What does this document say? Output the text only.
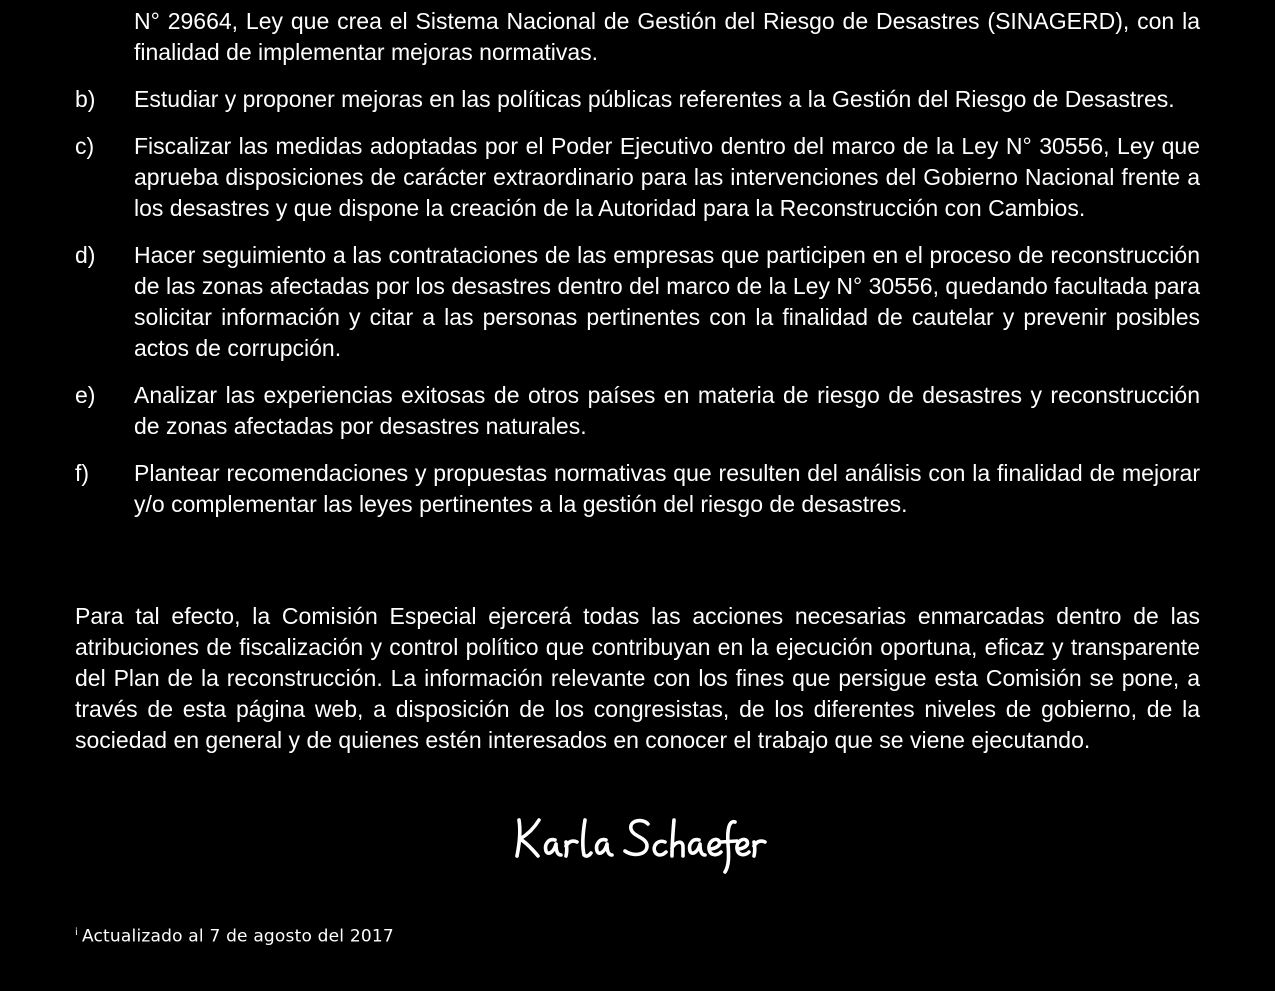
N° 29664, Ley que crea el Sistema Nacional de Gestión del Riesgo de Desastres (SINAGERD), con la finalidad de implementar mejoras normativas.
b)	Estudiar y proponer mejoras en las políticas públicas referentes a la Gestión del Riesgo de Desastres.
c)	Fiscalizar las medidas adoptadas por el Poder Ejecutivo dentro del marco de la Ley N° 30556, Ley que aprueba disposiciones de carácter extraordinario para las intervenciones del Gobierno Nacional frente a los desastres y que dispone la creación de la Autoridad para la Reconstrucción con Cambios.
d)	Hacer seguimiento a las contrataciones de las empresas que participen en el proceso de reconstrucción de las zonas afectadas por los desastres dentro del marco de la Ley N° 30556, quedando facultada para solicitar información y citar a las personas pertinentes con la finalidad de cautelar y prevenir posibles actos de corrupción.
e)	Analizar las experiencias exitosas de otros países en materia de riesgo de desastres y reconstrucción de zonas afectadas por desastres naturales.
f)	Plantear recomendaciones y propuestas normativas que resulten del análisis con la finalidad de mejorar y/o complementar las leyes pertinentes a la gestión del riesgo de desastres.
Para tal efecto, la Comisión Especial ejercerá todas las acciones necesarias enmarcadas dentro de las atribuciones de fiscalización y control político que contribuyan en la ejecución oportuna, eficaz y transparente del Plan de la reconstrucción. La información relevante con los fines que persigue esta Comisión se pone, a través de esta página web, a disposición de los congresistas, de los diferentes niveles de gobierno, de la sociedad en general y de quienes estén interesados en conocer el trabajo que se viene ejecutando.
$^i$ Actualizado al 7 de agosto del 2017
